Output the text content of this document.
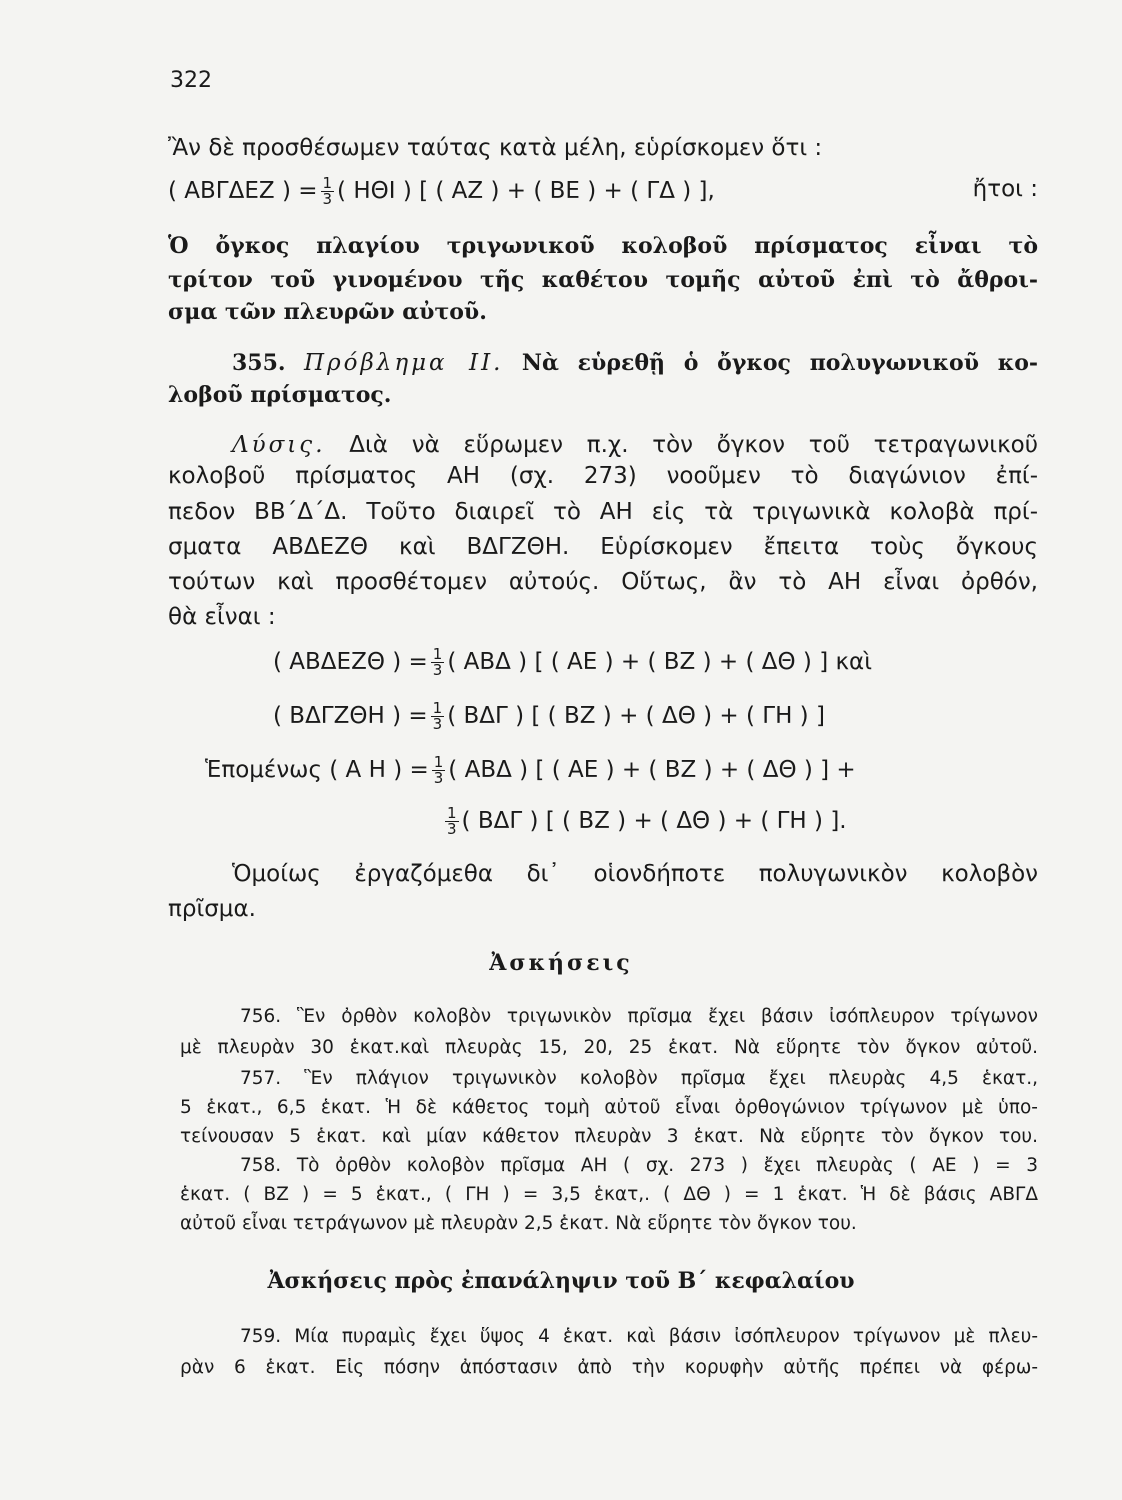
322
Ἂν δὲ προσθέσωμεν ταύτας κατὰ μέλη, εὑρίσκομεν ὅτι :
( ΑΒΓΔΕΖ ) = $\frac{1}{3}$ ( ΗΘΙ ) [ ( ΑΖ ) + ( ΒΕ ) + ( ΓΔ ) ],	ἤτοι :
Ὁ ὄγκος πλαγίου τριγωνικοῦ κολοβοῦ πρίσματος εἶναι τὸ
τρίτον τοῦ γινομένου τῆς καθέτου τομῆς αὐτοῦ ἐπὶ τὸ ἄθροι-
σμα τῶν πλευρῶν αὐτοῦ.
355. Πρόβλημα ΙΙ. Νὰ εὑρεθῇ ὁ ὄγκος πολυγωνικοῦ κο-
λοβοῦ πρίσματος.
Λύσις. Διὰ νὰ εὕρωμεν π.χ. τὸν ὄγκον τοῦ τετραγωνικοῦ
κολοβοῦ πρίσματος ΑΗ (σχ. 273) νοοῦμεν τὸ διαγώνιον ἐπί-
πεδον ΒΒ΄Δ΄Δ. Τοῦτο διαιρεῖ τὸ ΑΗ εἰς τὰ τριγωνικὰ κολοβὰ πρί-
σματα ΑΒΔΕΖΘ καὶ ΒΔΓΖΘΗ. Εὑρίσκομεν ἔπειτα τοὺς ὄγκους
τούτων καὶ προσθέτομεν αὐτούς. Οὕτως, ἂν τὸ ΑΗ εἶναι ὀρθόν,
θὰ εἶναι :
( ΑΒΔΕΖΘ ) = $\frac{1}{3}$ ( ΑΒΔ ) [ ( ΑΕ ) + ( ΒΖ ) + ( ΔΘ ) ] καὶ
( ΒΔΓΖΘΗ ) = $\frac{1}{3}$ ( ΒΔΓ ) [ ( ΒΖ ) + ( ΔΘ ) + ( ΓΗ ) ]
Ἑπομένως ( Α Η ) = $\frac{1}{3}$ ( ΑΒΔ ) [ ( ΑΕ ) + ( ΒΖ ) + ( ΔΘ ) ] +
$\frac{1}{3}$ ( ΒΔΓ ) [ ( ΒΖ ) + ( ΔΘ ) + ( ΓΗ ) ].
Ὁμοίως ἐργαζόμεθα δι᾽ οἱονδήποτε πολυγωνικὸν κολοβὸν
πρῖσμα.
Ἀσκήσεις
756. Ἓν ὀρθὸν κολοβὸν τριγωνικὸν πρῖσμα ἔχει βάσιν ἰσόπλευρον τρίγωνον
μὲ πλευρὰν 30 ἑκατ.καὶ πλευρὰς 15, 20, 25 ἑκατ. Νὰ εὕρητε τὸν ὄγκον αὐτοῦ.
757. Ἓν πλάγιον τριγωνικὸν κολοβὸν πρῖσμα ἔχει πλευρὰς 4,5 ἑκατ.,
5 ἑκατ., 6,5 ἑκατ. Ἡ δὲ κάθετος τομὴ αὐτοῦ εἶναι ὀρθογώνιον τρίγωνον μὲ ὑπο-
τείνουσαν 5 ἑκατ. καὶ μίαν κάθετον πλευρὰν 3 ἑκατ. Νὰ εὕρητε τὸν ὄγκον του.
758. Τὸ ὀρθὸν κολοβὸν πρῖσμα ΑΗ ( σχ. 273 ) ἔχει πλευρὰς ( ΑΕ ) = 3
ἑκατ. ( ΒΖ ) = 5 ἑκατ., ( ΓΗ ) = 3,5 ἑκατ,. ( ΔΘ ) = 1 ἑκατ. Ἡ δὲ βάσις ΑΒΓΔ
αὐτοῦ εἶναι τετράγωνον μὲ πλευρὰν 2,5 ἑκατ. Νὰ εὕρητε τὸν ὄγκον του.
Ἀσκήσεις πρὸς ἐπανάληψιν τοῦ Β΄ κεφαλαίου
759. Μία πυραμὶς ἔχει ὕψος 4 ἑκατ. καὶ βάσιν ἰσόπλευρον τρίγωνον μὲ πλευ-
ρὰν 6 ἑκατ. Εἰς πόσην ἀπόστασιν ἀπὸ τὴν κορυφὴν αὐτῆς πρέπει νὰ φέρω-
